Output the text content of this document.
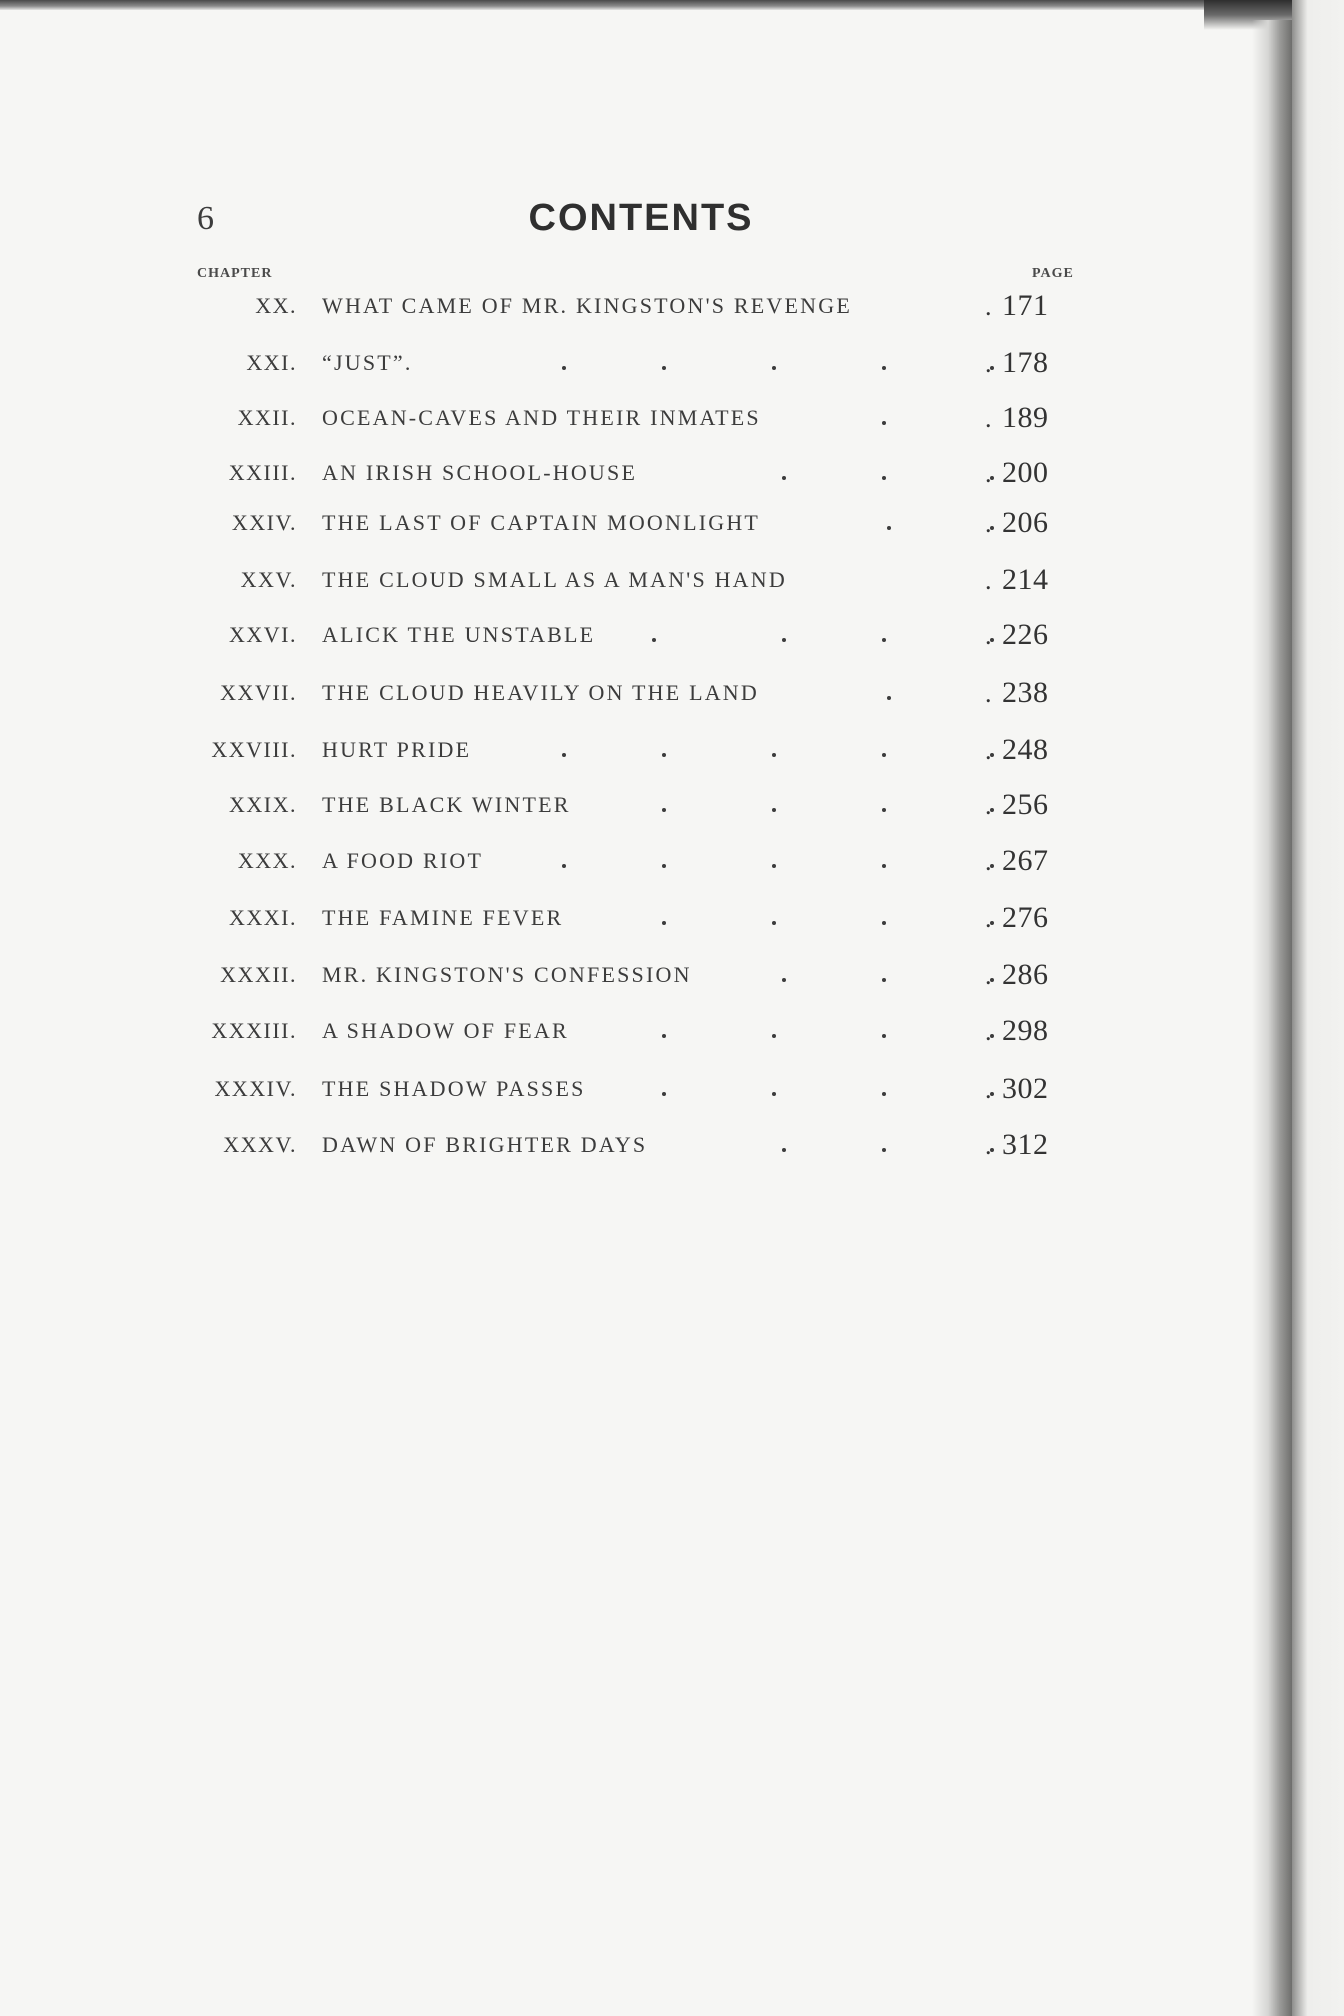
6	CONTENTS
CHAPTER	PAGE
XX. WHAT CAME OF MR. KINGSTON'S REVENGE	. 171
XXI. “JUST”.	. 178
XXII. OCEAN-CAVES AND THEIR INMATES	. 189
XXIII. AN IRISH SCHOOL-HOUSE	. 200
XXIV. THE LAST OF CAPTAIN MOONLIGHT	. 206
XXV. THE CLOUD SMALL AS A MAN'S HAND	. 214
XXVI. ALICK THE UNSTABLE	. 226
XXVII. THE CLOUD HEAVILY ON THE LAND	. 238
XXVIII. HURT PRIDE	. 248
XXIX. THE BLACK WINTER	. 256
XXX. A FOOD RIOT	. 267
XXXI. THE FAMINE FEVER	. 276
XXXII. MR. KINGSTON'S CONFESSION	. 286
XXXIII. A SHADOW OF FEAR	. 298
XXXIV. THE SHADOW PASSES	. 302
XXXV. DAWN OF BRIGHTER DAYS	. 312
